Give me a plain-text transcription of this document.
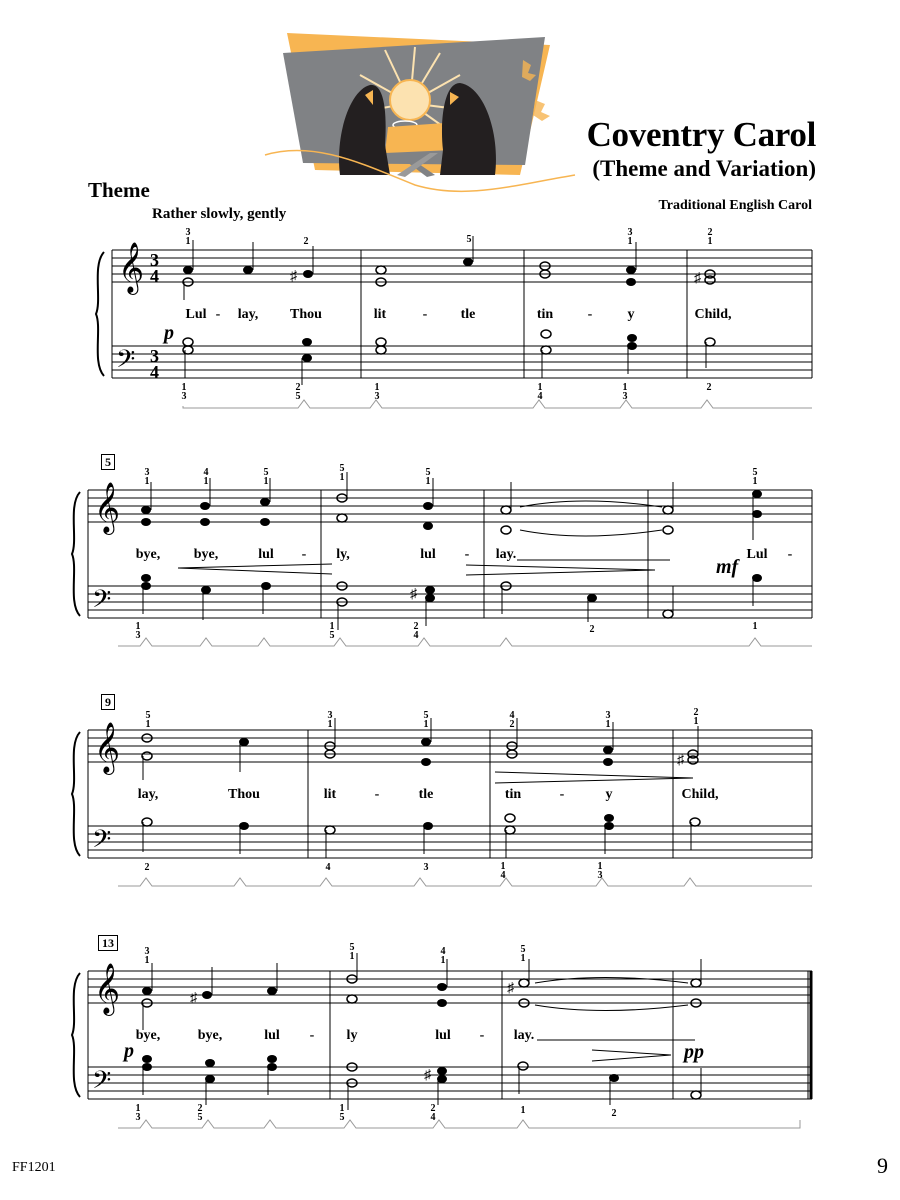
Coventry Carol
(Theme and Variation)
Traditional English Carol
Theme
Rather slowly, gently
𝄞
𝄢
3
4
3
4
♯	♯
Lul - lay, Thou	lit	- tle	tin -	y	Child,
p
𝄞
𝄢	♯
5
bye, bye,	lul - ly,	lul - lay.	Lul -
mf
𝄞
𝄢
♯
9
lay,	Thou	lit	-	tle	tin	-	y	Child,
𝄞
𝄢
♯
♯
♯
13
bye,	bye,	lul - ly	lul - lay.
p	pp
3
1	2	5
3
1
2
1
1
3
2
5
1
3
1
4
1
3
2
3
1
4
1
5
1
5
1	5
1
5
1
1
3
1
5
2
4
2	1
5
1
3
1
5
1
4
2
3
1
2
1
2	4	3	1
4
1
3
3
1
5
1	4
1
5
1
1
3
2
5
1
5
2
4
1	2
FF1201	9
